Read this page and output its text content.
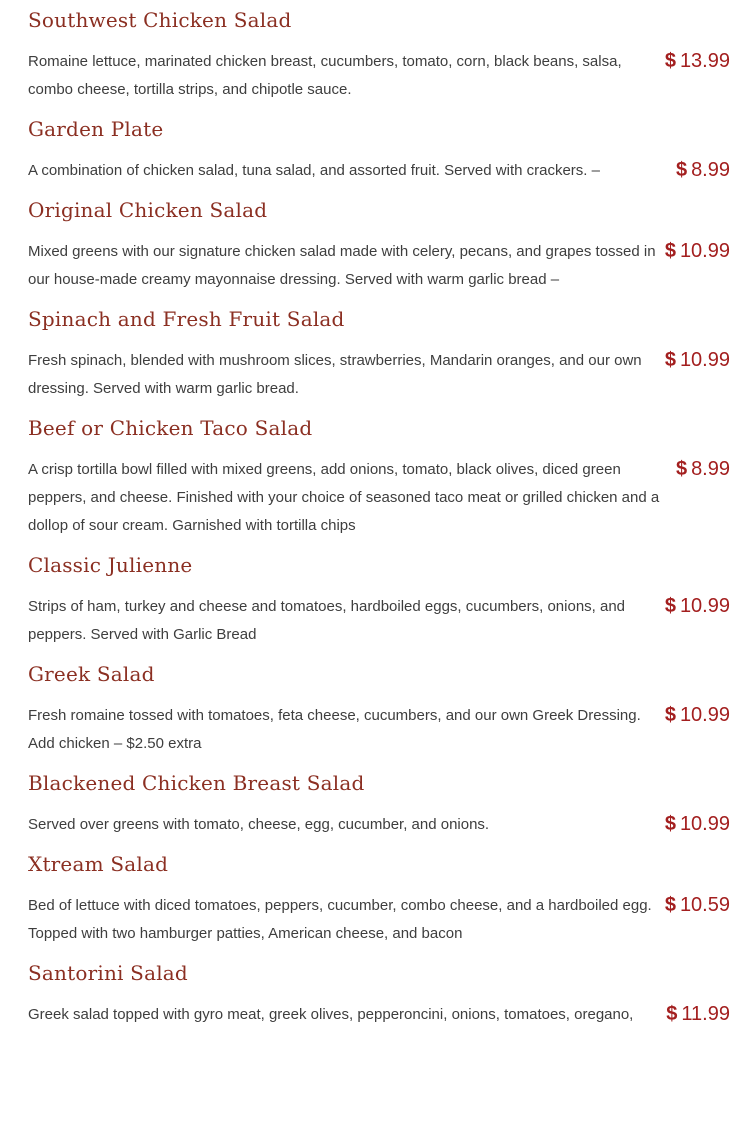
Southwest Chicken Salad

Romaine lettuce, marinated chicken breast, cucumbers, tomato, corn, black beans, salsa, combo cheese, tortilla strips, and chipotle sauce.

$ 13.99
Garden Plate

A combination of chicken salad, tuna salad, and assorted fruit. Served with crackers. –	$ 8.99
Original Chicken Salad

Mixed greens with our signature chicken salad made with celery, pecans, and grapes tossed in our house-made creamy mayonnaise dressing. Served with warm garlic bread –

$ 10.99
Spinach and Fresh Fruit Salad

Fresh spinach, blended with mushroom slices, strawberries, Mandarin oranges, and our own dressing. Served with warm garlic bread.

$ 10.99
Beef or Chicken Taco Salad

A crisp tortilla bowl filled with mixed greens, add onions, tomato, black olives, diced green peppers, and cheese. Finished with your choice of seasoned taco meat or grilled chicken and a dollop of sour cream. Garnished with tortilla chips

$ 8.99
Classic Julienne

Strips of ham, turkey and cheese and tomatoes, hardboiled eggs, cucumbers, onions, and peppers. Served with Garlic Bread

$ 10.99
Greek Salad

Fresh romaine tossed with tomatoes, feta cheese, cucumbers, and our own Greek Dressing. Add chicken – $2.50 extra

$ 10.99
Blackened Chicken Breast Salad

Served over greens with tomato, cheese, egg, cucumber, and onions.	$ 10.99
Xtream Salad

Bed of lettuce with diced tomatoes, peppers, cucumber, combo cheese, and a hardboiled egg. Topped with two hamburger patties, American cheese, and bacon

$ 10.59
Santorini Salad

Greek salad topped with gyro meat, greek olives, pepperoncini, onions, tomatoes, oregano,	$ 11.99
